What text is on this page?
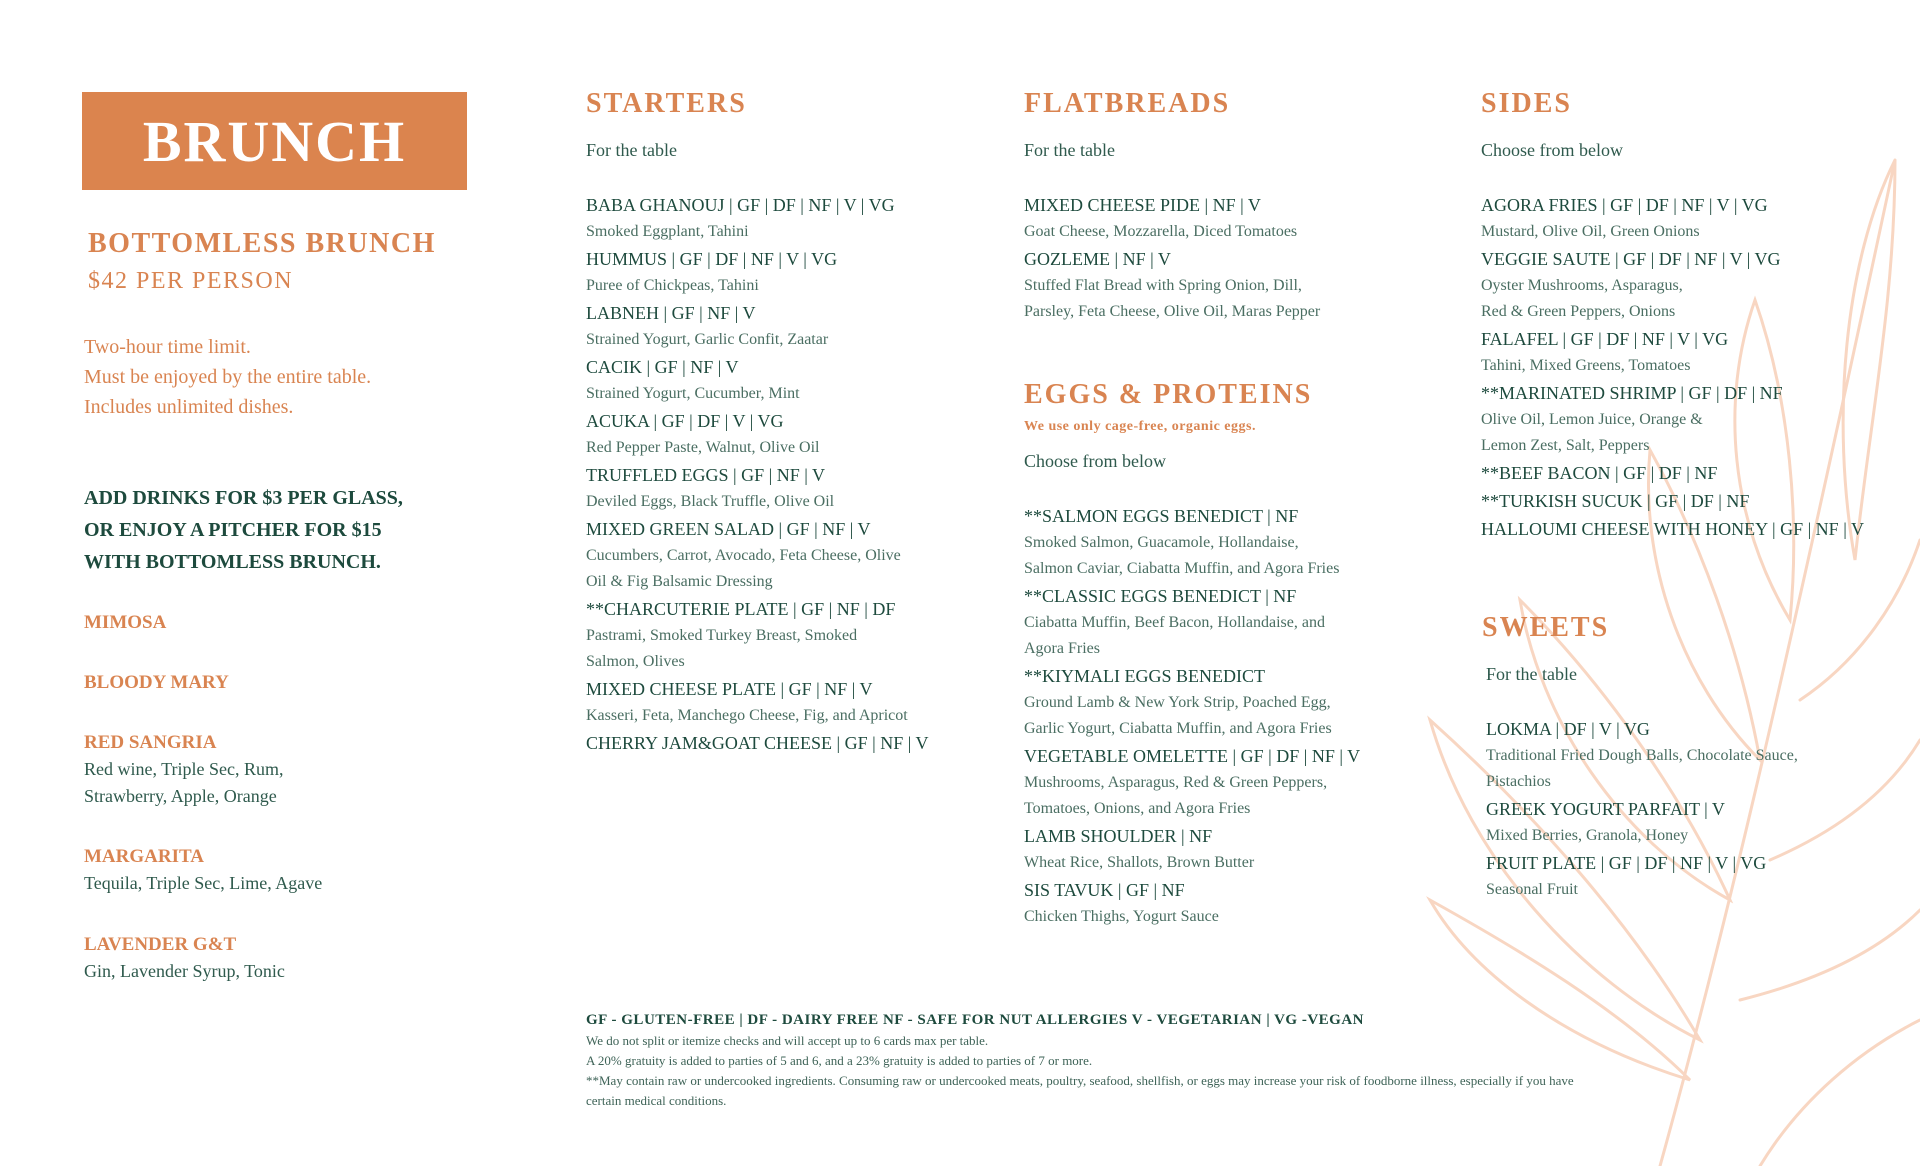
BRUNCH
BOTTOMLESS BRUNCH
$42 PER PERSON
Two-hour time limit.
Must be enjoyed by the entire table.
Includes unlimited dishes.
ADD DRINKS FOR $3 PER GLASS,
OR ENJOY A PITCHER FOR $15
WITH BOTTOMLESS BRUNCH.
MIMOSA
BLOODY MARY
RED SANGRIA
Red wine, Triple Sec, Rum,
Strawberry, Apple, Orange
MARGARITA
Tequila, Triple Sec, Lime, Agave
LAVENDER G&T
Gin, Lavender Syrup, Tonic
STARTERS
For the table
BABA GHANOUJ | GF | DF | NF | V | VG
Smoked Eggplant, Tahini
HUMMUS | GF | DF | NF | V | VG
Puree of Chickpeas, Tahini
LABNEH | GF | NF | V
Strained Yogurt, Garlic Confit, Zaatar
CACIK | GF | NF | V
Strained Yogurt, Cucumber, Mint
ACUKA | GF | DF | V | VG
Red Pepper Paste, Walnut, Olive Oil
TRUFFLED EGGS | GF | NF | V
Deviled Eggs, Black Truffle, Olive Oil
MIXED GREEN SALAD | GF | NF | V
Cucumbers, Carrot, Avocado, Feta Cheese, Olive
Oil & Fig Balsamic Dressing
**CHARCUTERIE PLATE | GF | NF | DF
Pastrami, Smoked Turkey Breast, Smoked
Salmon, Olives
MIXED CHEESE PLATE | GF | NF | V
Kasseri, Feta, Manchego Cheese, Fig, and Apricot
CHERRY JAM&GOAT CHEESE | GF | NF | V
FLATBREADS
For the table
MIXED CHEESE PIDE | NF | V
Goat Cheese, Mozzarella, Diced Tomatoes
GOZLEME | NF | V
Stuffed Flat Bread with Spring Onion, Dill,
Parsley, Feta Cheese, Olive Oil, Maras Pepper
EGGS & PROTEINS
We use only cage-free, organic eggs.
Choose from below
**SALMON EGGS BENEDICT | NF
Smoked Salmon, Guacamole, Hollandaise,
Salmon Caviar, Ciabatta Muffin, and Agora Fries
**CLASSIC EGGS BENEDICT | NF
Ciabatta Muffin, Beef Bacon, Hollandaise, and
Agora Fries
**KIYMALI EGGS BENEDICT
Ground Lamb & New York Strip, Poached Egg,
Garlic Yogurt, Ciabatta Muffin, and Agora Fries
VEGETABLE OMELETTE | GF | DF | NF | V
Mushrooms, Asparagus, Red & Green Peppers,
Tomatoes, Onions, and Agora Fries
LAMB SHOULDER | NF
Wheat Rice, Shallots, Brown Butter
SIS TAVUK | GF | NF
Chicken Thighs, Yogurt Sauce
SIDES
Choose from below
AGORA FRIES | GF | DF | NF | V | VG
Mustard, Olive Oil, Green Onions
VEGGIE SAUTE | GF | DF | NF | V | VG
Oyster Mushrooms, Asparagus,
Red & Green Peppers, Onions
FALAFEL | GF | DF | NF | V | VG
Tahini, Mixed Greens, Tomatoes
**MARINATED SHRIMP | GF | DF | NF
Olive Oil, Lemon Juice, Orange &
Lemon Zest, Salt, Peppers
**BEEF BACON | GF | DF | NF
**TURKISH SUCUK | GF | DF | NF
HALLOUMI CHEESE WITH HONEY | GF | NF | V
SWEETS
For the table
LOKMA | DF | V | VG
Traditional Fried Dough Balls, Chocolate Sauce,
Pistachios
GREEK YOGURT PARFAIT | V
Mixed Berries, Granola, Honey
FRUIT PLATE | GF | DF | NF | V | VG
Seasonal Fruit
GF - GLUTEN-FREE | DF - DAIRY FREE NF - SAFE FOR NUT ALLERGIES V - VEGETARIAN | VG -VEGAN
We do not split or itemize checks and will accept up to 6 cards max per table.
A 20% gratuity is added to parties of 5 and 6, and a 23% gratuity is added to parties of 7 or more.
**May contain raw or undercooked ingredients. Consuming raw or undercooked meats, poultry, seafood, shellfish, or eggs may increase your risk of foodborne illness, especially if you have
certain medical conditions.
